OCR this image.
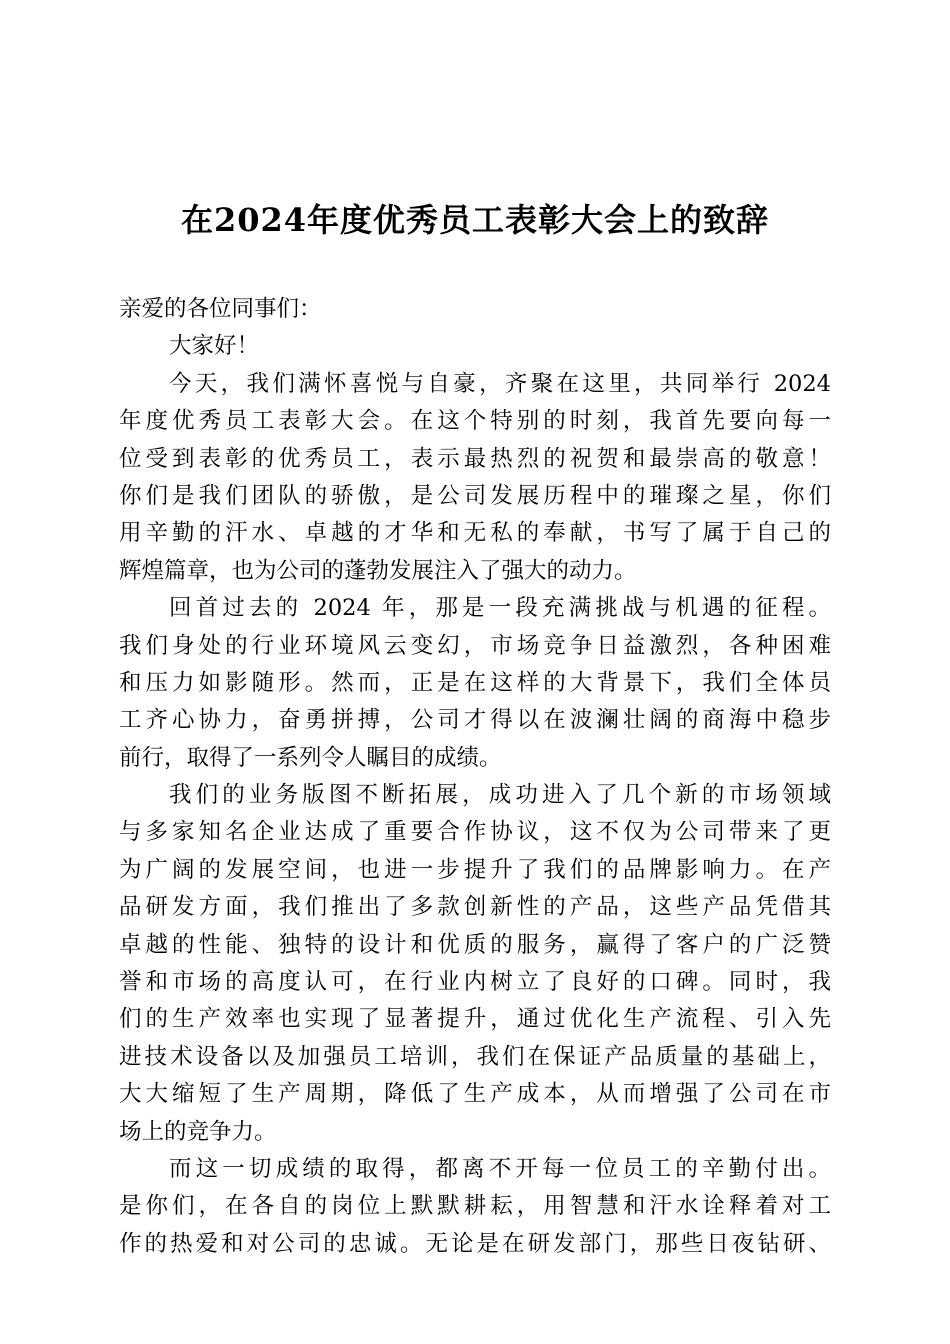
在2024年度优秀员工表彰大会上的致辞
亲爱的各位同事们：
大家好！
今天，我们满怀喜悦与自豪，齐聚在这里，共同举行 2024
年度优秀员工表彰大会。在这个特别的时刻，我首先要向每一
位受到表彰的优秀员工，表示最热烈的祝贺和最崇高的敬意！
你们是我们团队的骄傲，是公司发展历程中的璀璨之星，你们
用辛勤的汗水、卓越的才华和无私的奉献，书写了属于自己的
辉煌篇章，也为公司的蓬勃发展注入了强大的动力。
回首过去的 2024 年，那是一段充满挑战与机遇的征程。
我们身处的行业环境风云变幻，市场竞争日益激烈，各种困难
和压力如影随形。然而，正是在这样的大背景下，我们全体员
工齐心协力，奋勇拼搏，公司才得以在波澜壮阔的商海中稳步
前行，取得了一系列令人瞩目的成绩。
我们的业务版图不断拓展，成功进入了几个新的市场领域
与多家知名企业达成了重要合作协议，这不仅为公司带来了更
为广阔的发展空间，也进一步提升了我们的品牌影响力。在产
品研发方面，我们推出了多款创新性的产品，这些产品凭借其
卓越的性能、独特的设计和优质的服务，赢得了客户的广泛赞
誉和市场的高度认可，在行业内树立了良好的口碑。同时，我
们的生产效率也实现了显著提升，通过优化生产流程、引入先
进技术设备以及加强员工培训，我们在保证产品质量的基础上，
大大缩短了生产周期，降低了生产成本，从而增强了公司在市
场上的竞争力。
而这一切成绩的取得，都离不开每一位员工的辛勤付出。
是你们，在各自的岗位上默默耕耘，用智慧和汗水诠释着对工
作的热爱和对公司的忠诚。无论是在研发部门，那些日夜钻研、
